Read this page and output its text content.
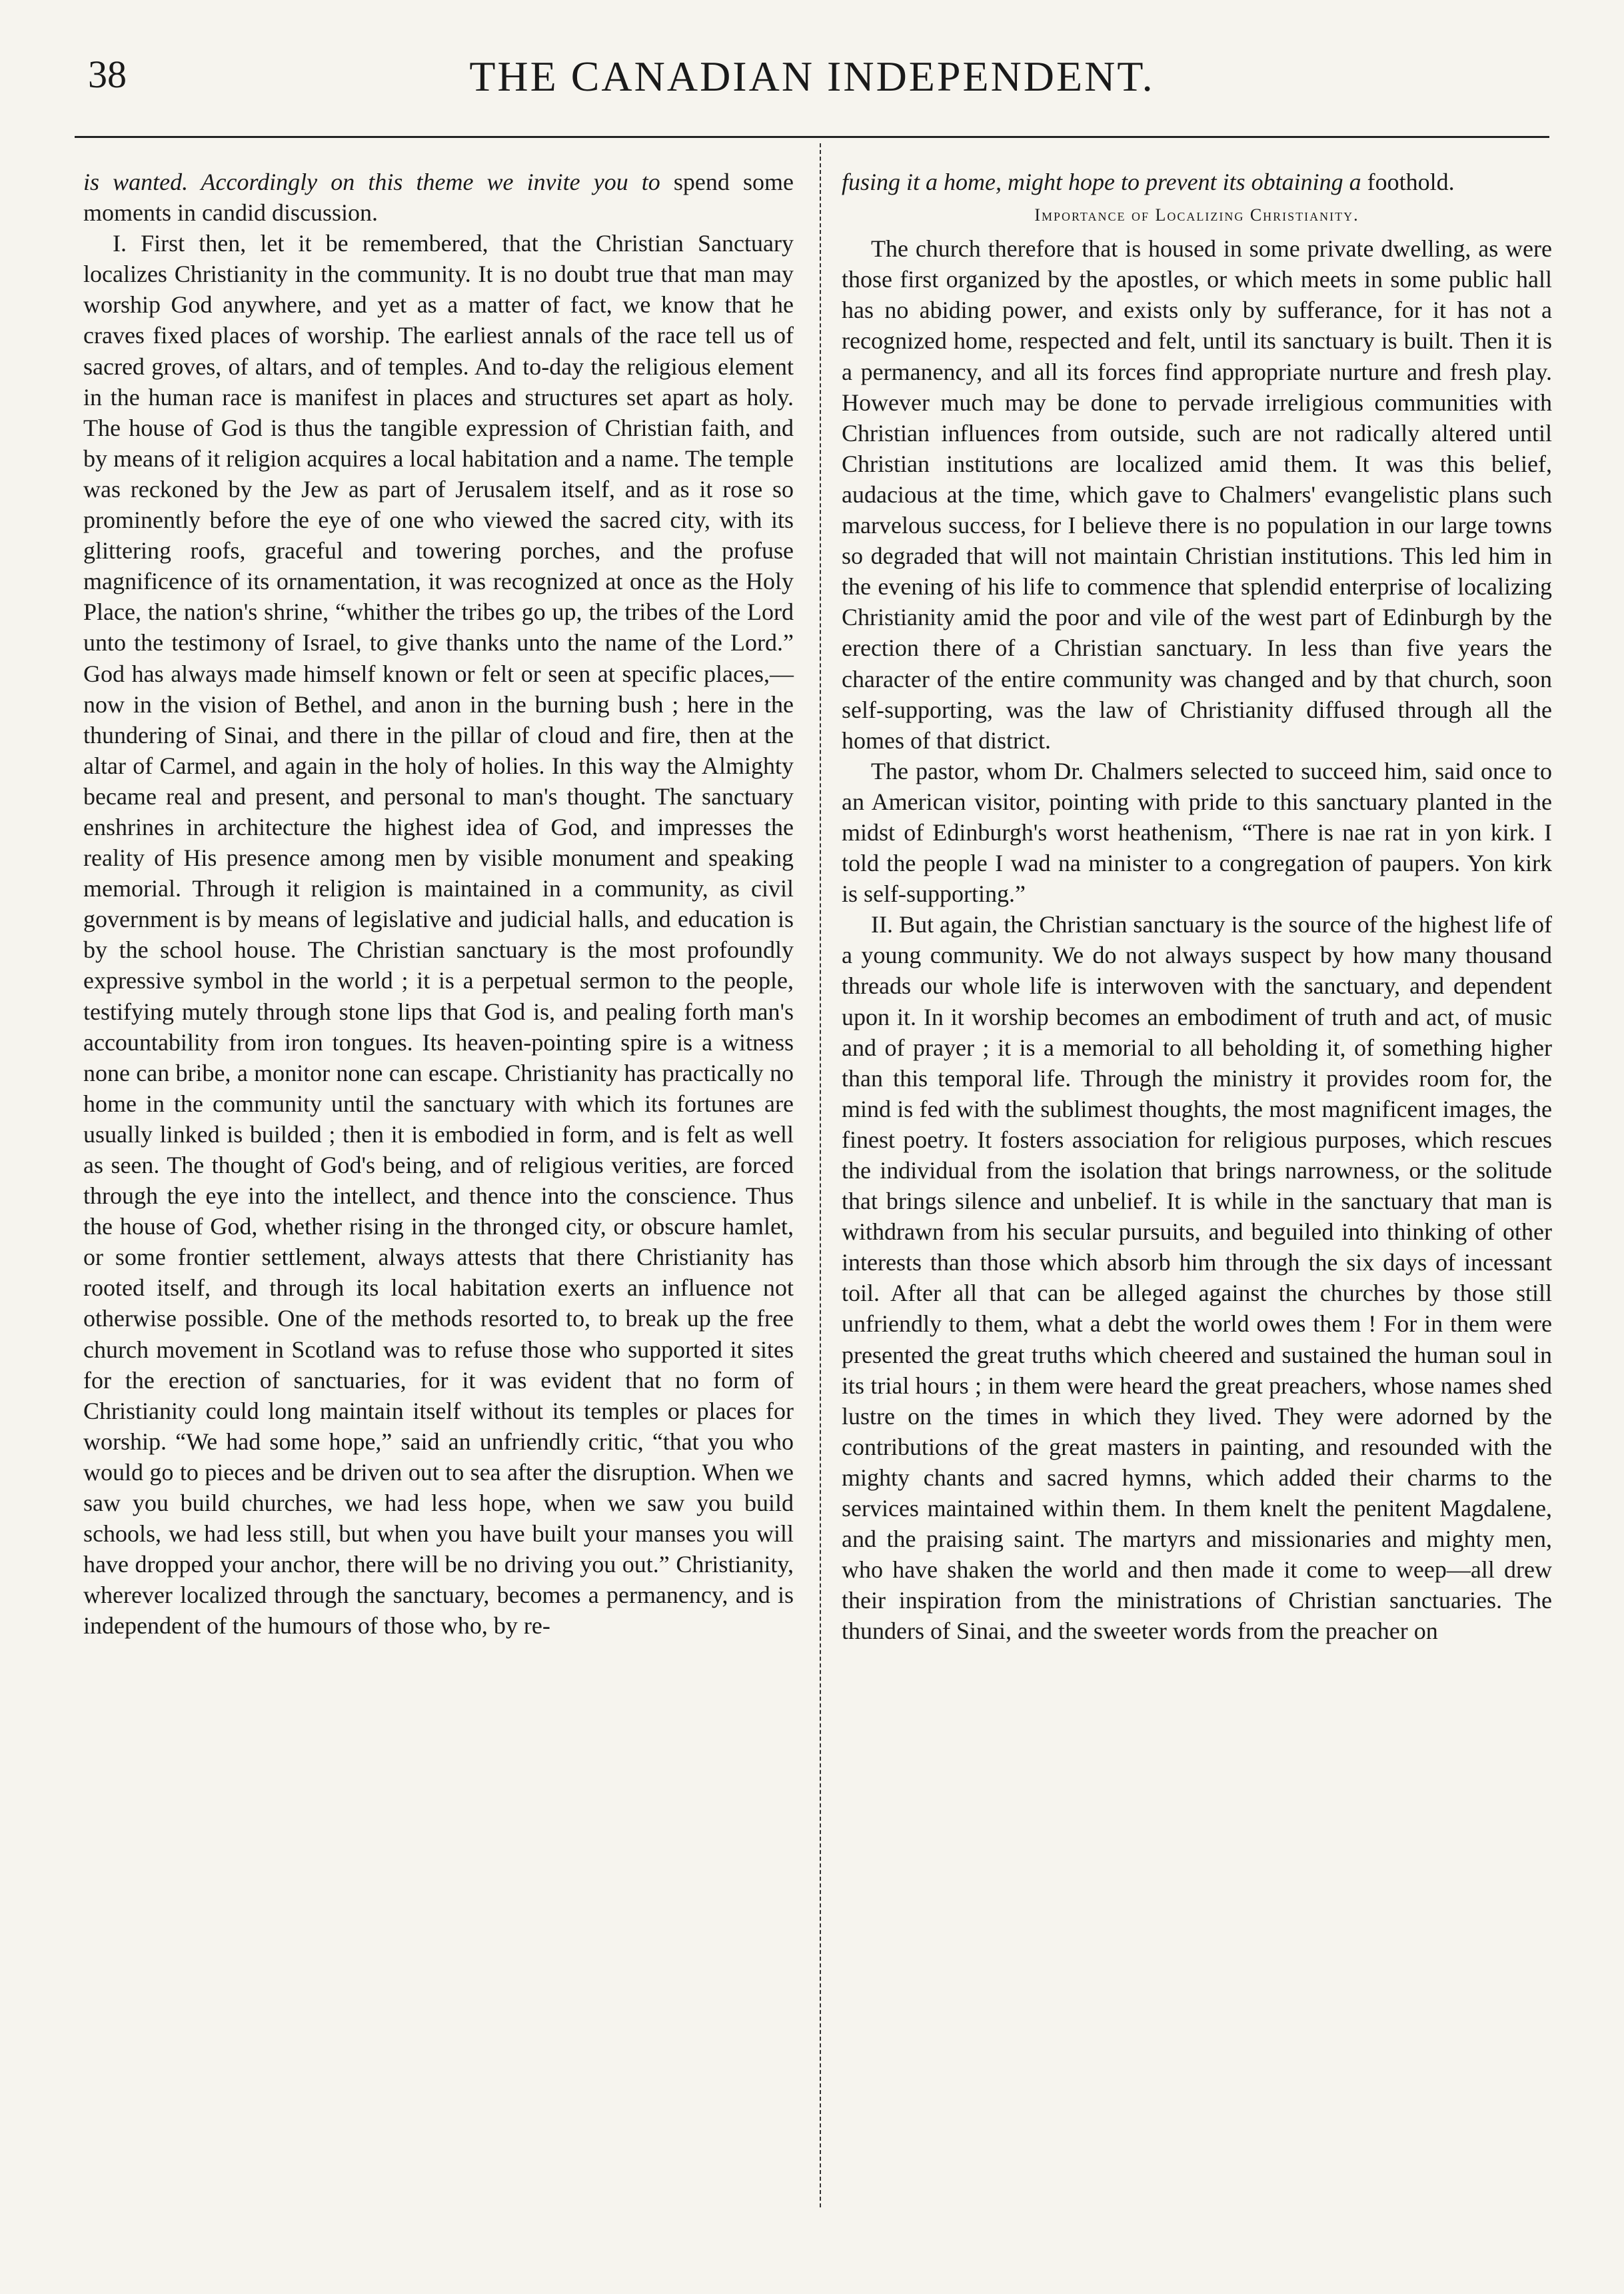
38	THE CANADIAN INDEPENDENT.

is wanted. Accordingly on this theme we invite you to spend some moments in candid discussion.

I. First then, let it be remembered, that the Christian Sanctuary localizes Christianity in the community. It is no doubt true that man may worship God anywhere, and yet as a matter of fact, we know that he craves fixed places of worship. The earliest annals of the race tell us of sacred groves, of altars, and of temples. And to-day the religious element in the human race is manifest in places and structures set apart as holy. The house of God is thus the tangible expression of Christian faith, and by means of it religion acquires a local habitation and a name. The temple was reckoned by the Jew as part of Jerusalem itself, and as it rose so prominently before the eye of one who viewed the sacred city, with its glittering roofs, graceful and towering porches, and the profuse magnificence of its ornamentation, it was recognized at once as the Holy Place, the nation's shrine, “whither the tribes go up, the tribes of the Lord unto the testimony of Israel, to give thanks unto the name of the Lord.” God has always made himself known or felt or seen at specific places,—now in the vision of Bethel, and anon in the burning bush ; here in the thundering of Sinai, and there in the pillar of cloud and fire, then at the altar of Carmel, and again in the holy of holies. In this way the Almighty became real and present, and personal to man's thought. The sanctuary enshrines in architecture the highest idea of God, and impresses the reality of His presence among men by visible monument and speaking memorial. Through it religion is maintained in a community, as civil government is by means of legislative and judicial halls, and education is by the school house. The Christian sanctuary is the most profoundly expressive symbol in the world ; it is a perpetual sermon to the people, testifying mutely through stone lips that God is, and pealing forth man's accountability from iron tongues. Its heaven-pointing spire is a witness none can bribe, a monitor none can escape. Christianity has practically no home in the community until the sanctuary with which its fortunes are usually linked is builded ; then it is embodied in form, and is felt as well as seen. The thought of God's being, and of religious verities, are forced through the eye into the intellect, and thence into the conscience. Thus the house of God, whether rising in the thronged city, or obscure hamlet, or some frontier settlement, always attests that there Christianity has rooted itself, and through its local habitation exerts an influence not otherwise possible. One of the methods resorted to, to break up the free church movement in Scotland was to refuse those who supported it sites for the erection of sanctuaries, for it was evident that no form of Christianity could long maintain itself without its temples or places for worship. “We had some hope,” said an unfriendly critic, “that you who would go to pieces and be driven out to sea after the disruption. When we saw you build churches, we had less hope, when we saw you build schools, we had less still, but when you have built your manses you will have dropped your anchor, there will be no driving you out.” Christianity, wherever localized through the sanctuary, becomes a permanency, and is independent of the humours of those who, by re-

fusing it a home, might hope to prevent its obtaining a foothold.

Importance of Localizing Christianity.

The church therefore that is housed in some private dwelling, as were those first organized by the apostles, or which meets in some public hall has no abiding power, and exists only by sufferance, for it has not a recognized home, respected and felt, until its sanctuary is built. Then it is a permanency, and all its forces find appropriate nurture and fresh play. However much may be done to pervade irreligious communities with Christian influences from outside, such are not radically altered until Christian institutions are localized amid them. It was this belief, audacious at the time, which gave to Chalmers' evangelistic plans such marvelous success, for I believe there is no population in our large towns so degraded that will not maintain Christian institutions. This led him in the evening of his life to commence that splendid enterprise of localizing Christianity amid the poor and vile of the west part of Edinburgh by the erection there of a Christian sanctuary. In less than five years the character of the entire community was changed and by that church, soon self-supporting, was the law of Christianity diffused through all the homes of that district.

The pastor, whom Dr. Chalmers selected to succeed him, said once to an American visitor, pointing with pride to this sanctuary planted in the midst of Edinburgh's worst heathenism, “There is nae rat in yon kirk. I told the people I wad na minister to a congregation of paupers. Yon kirk is self-supporting.”

II. But again, the Christian sanctuary is the source of the highest life of a young community. We do not always suspect by how many thousand threads our whole life is interwoven with the sanctuary, and dependent upon it. In it worship becomes an embodiment of truth and act, of music and of prayer ; it is a memorial to all beholding it, of something higher than this temporal life. Through the ministry it provides room for, the mind is fed with the sublimest thoughts, the most magnificent images, the finest poetry. It fosters association for religious purposes, which rescues the individual from the isolation that brings narrowness, or the solitude that brings silence and unbelief. It is while in the sanctuary that man is withdrawn from his secular pursuits, and beguiled into thinking of other interests than those which absorb him through the six days of incessant toil. After all that can be alleged against the churches by those still unfriendly to them, what a debt the world owes them ! For in them were presented the great truths which cheered and sustained the human soul in its trial hours ; in them were heard the great preachers, whose names shed lustre on the times in which they lived. They were adorned by the contributions of the great masters in painting, and resounded with the mighty chants and sacred hymns, which added their charms to the services maintained within them. In them knelt the penitent Magdalene, and the praising saint. The martyrs and missionaries and mighty men, who have shaken the world and then made it come to weep—all drew their inspiration from the ministrations of Christian sanctuaries. The thunders of Sinai, and the sweeter words from the preacher on
